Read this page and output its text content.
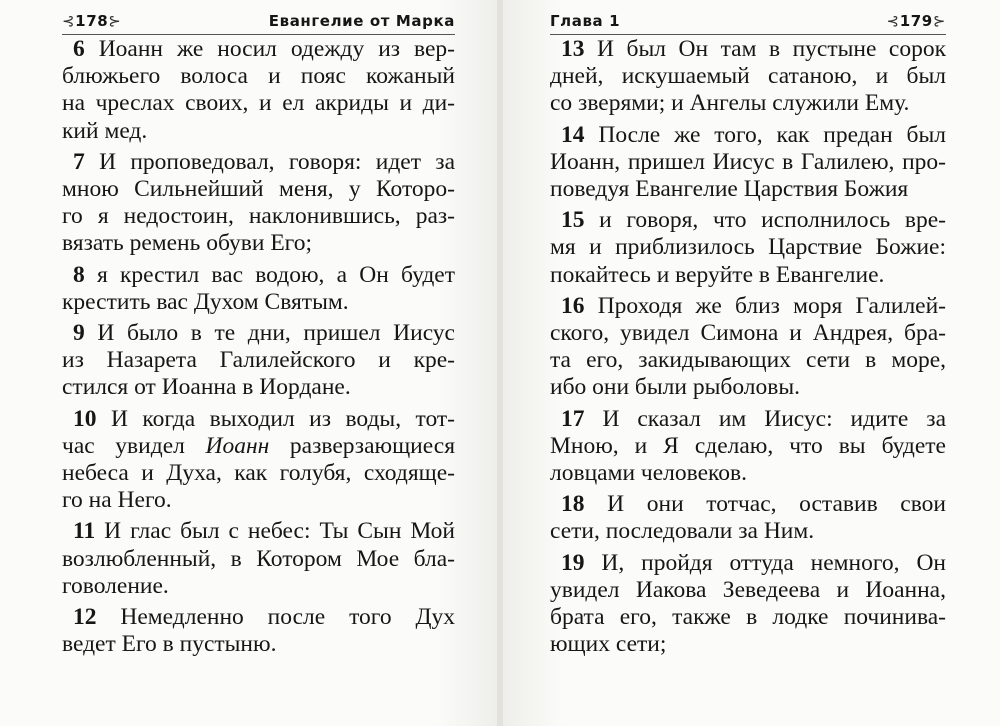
⊰178⊱	Евангелие от Марка
6 Иоанн же носил одежду из вер-
блюжьего волоса и пояс кожаный
на чреслах своих, и ел акриды и ди-
кий мед.
7 И проповедовал, говоря: идет за
мною Сильнейший меня, у Которо-
го я недостоин, наклонившись, раз-
вязать ремень обуви Его;
8 я крестил вас водою, а Он будет
крестить вас Духом Святым.
9 И было в те дни, пришел Иисус
из Назарета Галилейского и кре-
стился от Иоанна в Иордане.
10 И когда выходил из воды, тот-
час увидел Иоанн разверзающиеся
небеса и Духа, как голубя, сходяще-
го на Него.
11 И глас был с небес: Ты Сын Мой
возлюбленный, в Котором Мое бла-
говоление.
12 Немедленно после того Дух
ведет Его в пустыню.
Глава 1	⊰179⊱
13 И был Он там в пустыне сорок
дней, искушаемый сатаною, и был
со зверями; и Ангелы служили Ему.
14 После же того, как предан был
Иоанн, пришел Иисус в Галилею, про-
поведуя Евангелие Царствия Божия
15 и говоря, что исполнилось вре-
мя и приблизилось Царствие Божие:
покайтесь и веруйте в Евангелие.
16 Проходя же близ моря Галилей-
ского, увидел Симона и Андрея, бра-
та его, закидывающих сети в море,
ибо они были рыболовы.
17 И сказал им Иисус: идите за
Мною, и Я сделаю, что вы будете
ловцами человеков.
18 И они тотчас, оставив свои
сети, последовали за Ним.
19 И, пройдя оттуда немного, Он
увидел Иакова Зеведеева и Иоанна,
брата его, также в лодке починива-
ющих сети;
